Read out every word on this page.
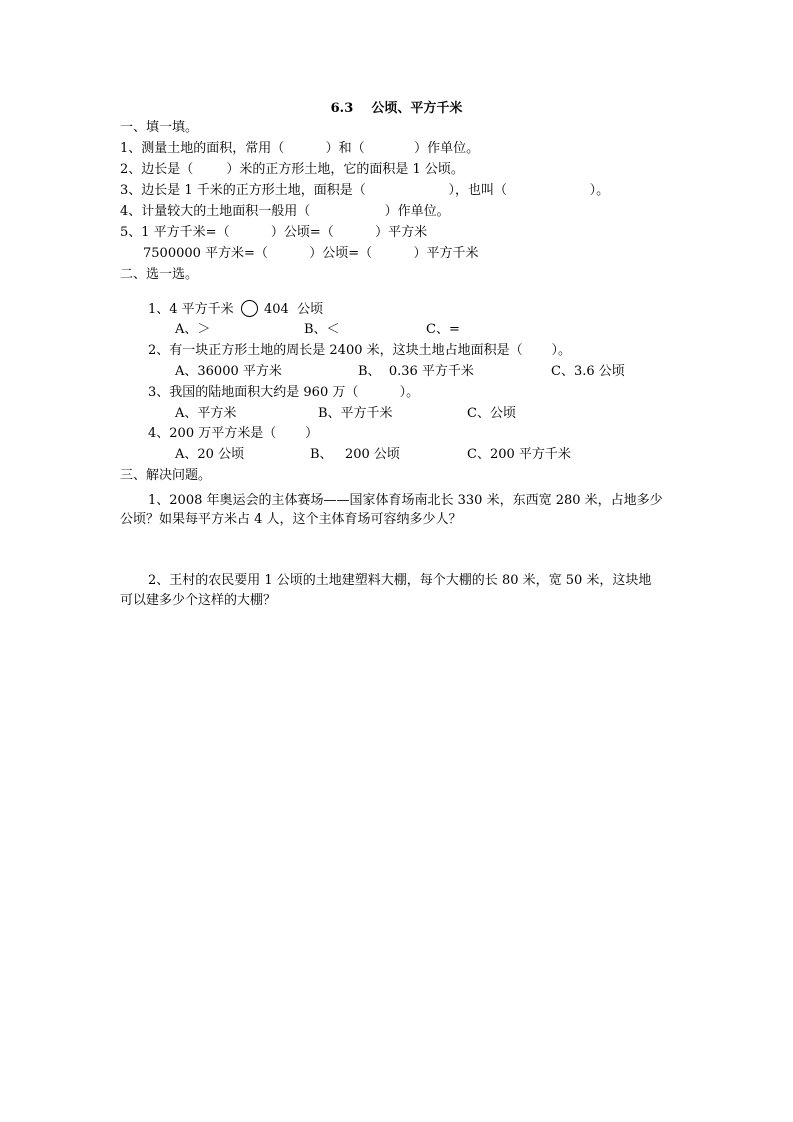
6.3    公顷、平方千米
一、填一填。
1、测量土地的面积，常用（          ）和（            ）作单位。
2、边长是（        ）米的正方形土地，它的面积是 1 公顷。
3、边长是 1 千米的正方形土地，面积是（                    ），也叫（                    ）。
4、计量较大的土地面积一般用（                  ）作单位。
5、1 平方千米=（          ）公顷=（          ）平方米
7500000 平方米=（          ）公顷=（          ）平方千米
二、选一选。
1、4 平方千米 404  公顷
A、＞	B、＜	C、=
2、有一块正方形土地的周长是 2400 米，这块土地占地面积是（       ）。
A、36000 平方米	B、  0.36 平方千米	C、3.6 公顷
3、我国的陆地面积大约是 960 万（          ）。
A、平方米	B、平方千米	C、公顷
4、200 万平方米是（       ）
A、20 公顷	B、   200 公顷	C、200 平方千米
三、解决问题。
1、2008 年奥运会的主体赛场——国家体育场南北长 330 米，东西宽 280 米，占地多少
公顷？如果每平方米占 4 人，这个主体育场可容纳多少人？
2、王村的农民要用 1 公顷的土地建塑料大棚，每个大棚的长 80 米，宽 50 米，这块地
可以建多少个这样的大棚？
